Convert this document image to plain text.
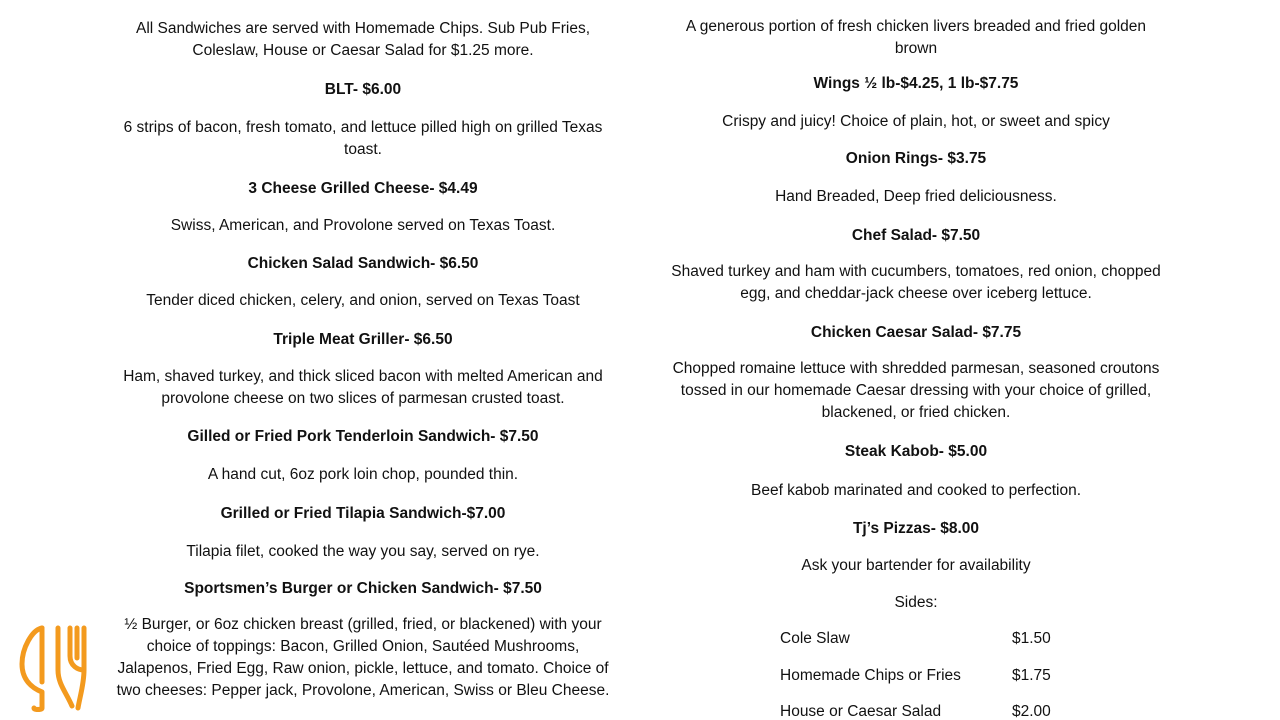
All Sandwiches are served with Homemade Chips. Sub Pub Fries, Coleslaw, House or Caesar Salad for $1.25 more.

BLT- $6.00

6 strips of bacon, fresh tomato, and lettuce pilled high on grilled Texas toast.

3 Cheese Grilled Cheese- $4.49

Swiss, American, and Provolone served on Texas Toast.

Chicken Salad Sandwich- $6.50

Tender diced chicken, celery, and onion, served on Texas Toast

Triple Meat Griller- $6.50

Ham, shaved turkey, and thick sliced bacon with melted American and provolone cheese on two slices of parmesan crusted toast.

Gilled or Fried Pork Tenderloin Sandwich- $7.50

A hand cut, 6oz pork loin chop, pounded thin.

Grilled or Fried Tilapia Sandwich-$7.00

Tilapia filet, cooked the way you say, served on rye.

Sportsmen’s Burger or Chicken Sandwich- $7.50

½ Burger, or 6oz chicken breast (grilled, fried, or blackened) with your choice of toppings: Bacon, Grilled Onion, Sautéed Mushrooms, Jalapenos, Fried Egg, Raw onion, pickle, lettuce, and tomato. Choice of two cheeses: Pepper jack, Provolone, American, Swiss or Bleu Cheese.

A generous portion of fresh chicken livers breaded and fried golden brown

Wings ½ lb-$4.25, 1 lb-$7.75

Crispy and juicy! Choice of plain, hot, or sweet and spicy

Onion Rings- $3.75

Hand Breaded, Deep fried deliciousness.

Chef Salad- $7.50

Shaved turkey and ham with cucumbers, tomatoes, red onion, chopped egg, and cheddar-jack cheese over iceberg lettuce.

Chicken Caesar Salad- $7.75

Chopped romaine lettuce with shredded parmesan, seasoned croutons tossed in our homemade Caesar dressing with your choice of grilled, blackened, or fried chicken.

Steak Kabob- $5.00

Beef kabob marinated and cooked to perfection.

Tj’s Pizzas- $8.00

Ask your bartender for availability

Sides:

Cole Slaw	$1.50
Homemade Chips or Fries	$1.75
House or Caesar Salad	$2.00
